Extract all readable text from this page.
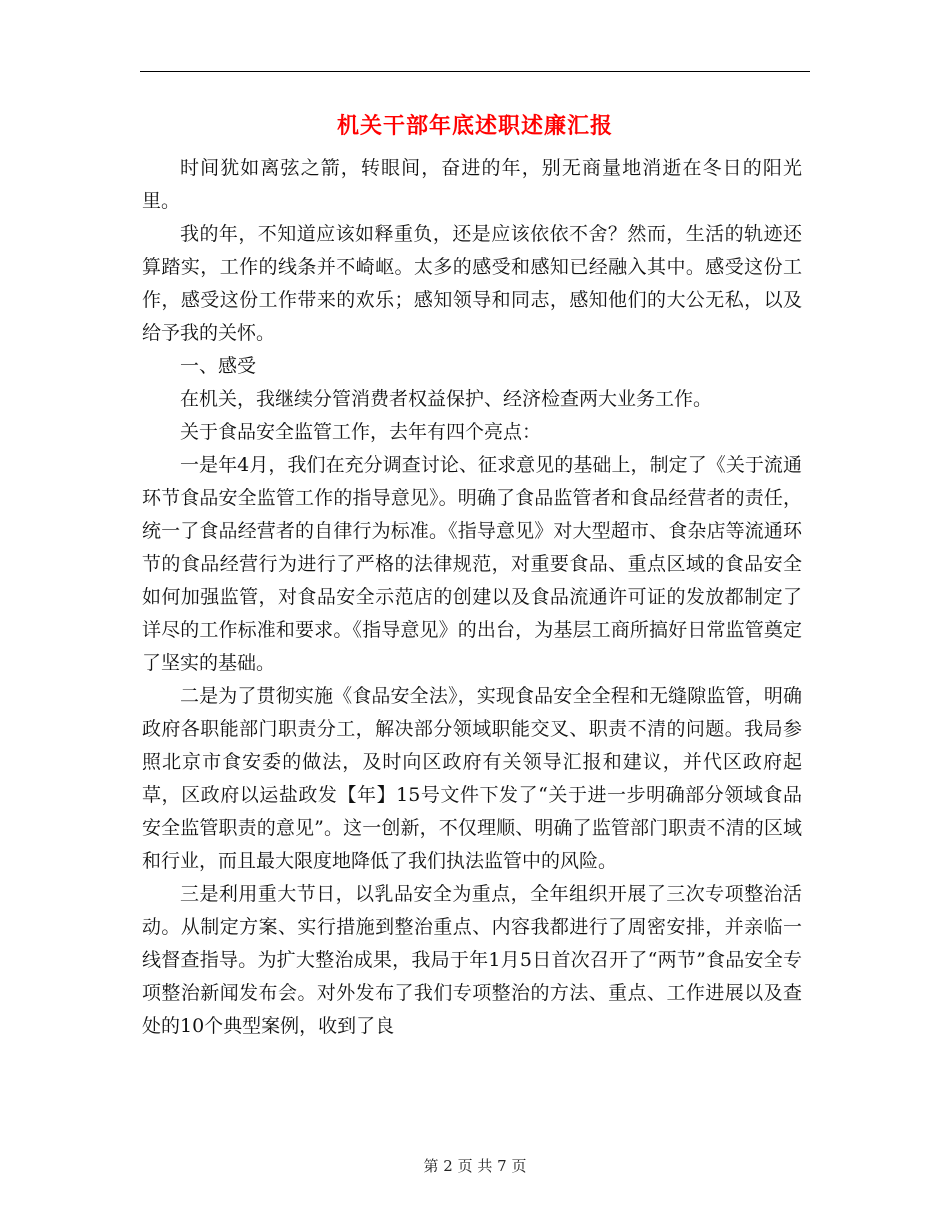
机关干部年底述职述廉汇报

时间犹如离弦之箭，转眼间，奋进的年，别无商量地消逝在冬日的阳光里。

我的年，不知道应该如释重负，还是应该依依不舍？然而，生活的轨迹还算踏实，工作的线条并不崎岖。太多的感受和感知已经融入其中。感受这份工作，感受这份工作带来的欢乐；感知领导和同志，感知他们的大公无私，以及给予我的关怀。

一、感受

在机关，我继续分管消费者权益保护、经济检查两大业务工作。

关于食品安全监管工作，去年有四个亮点：

一是年4月，我们在充分调查讨论、征求意见的基础上，制定了《关于流通环节食品安全监管工作的指导意见》。明确了食品监管者和食品经营者的责任，统一了食品经营者的自律行为标准。《指导意见》对大型超市、食杂店等流通环节的食品经营行为进行了严格的法律规范，对重要食品、重点区域的食品安全如何加强监管，对食品安全示范店的创建以及食品流通许可证的发放都制定了详尽的工作标准和要求。《指导意见》的出台，为基层工商所搞好日常监管奠定了坚实的基础。

二是为了贯彻实施《食品安全法》，实现食品安全全程和无缝隙监管，明确政府各职能部门职责分工，解决部分领域职能交叉、职责不清的问题。我局参照北京市食安委的做法，及时向区政府有关领导汇报和建议，并代区政府起草，区政府以运盐政发【年】15号文件下发了“关于进一步明确部分领域食品安全监管职责的意见”。这一创新，不仅理顺、明确了监管部门职责不清的区域和行业，而且最大限度地降低了我们执法监管中的风险。

三是利用重大节日，以乳品安全为重点，全年组织开展了三次专项整治活动。从制定方案、实行措施到整治重点、内容我都进行了周密安排，并亲临一线督查指导。为扩大整治成果，我局于年1月5日首次召开了“两节”食品安全专项整治新闻发布会。对外发布了我们专项整治的方法、重点、工作进展以及查处的10个典型案例，收到了良

第 2 页 共 7 页
